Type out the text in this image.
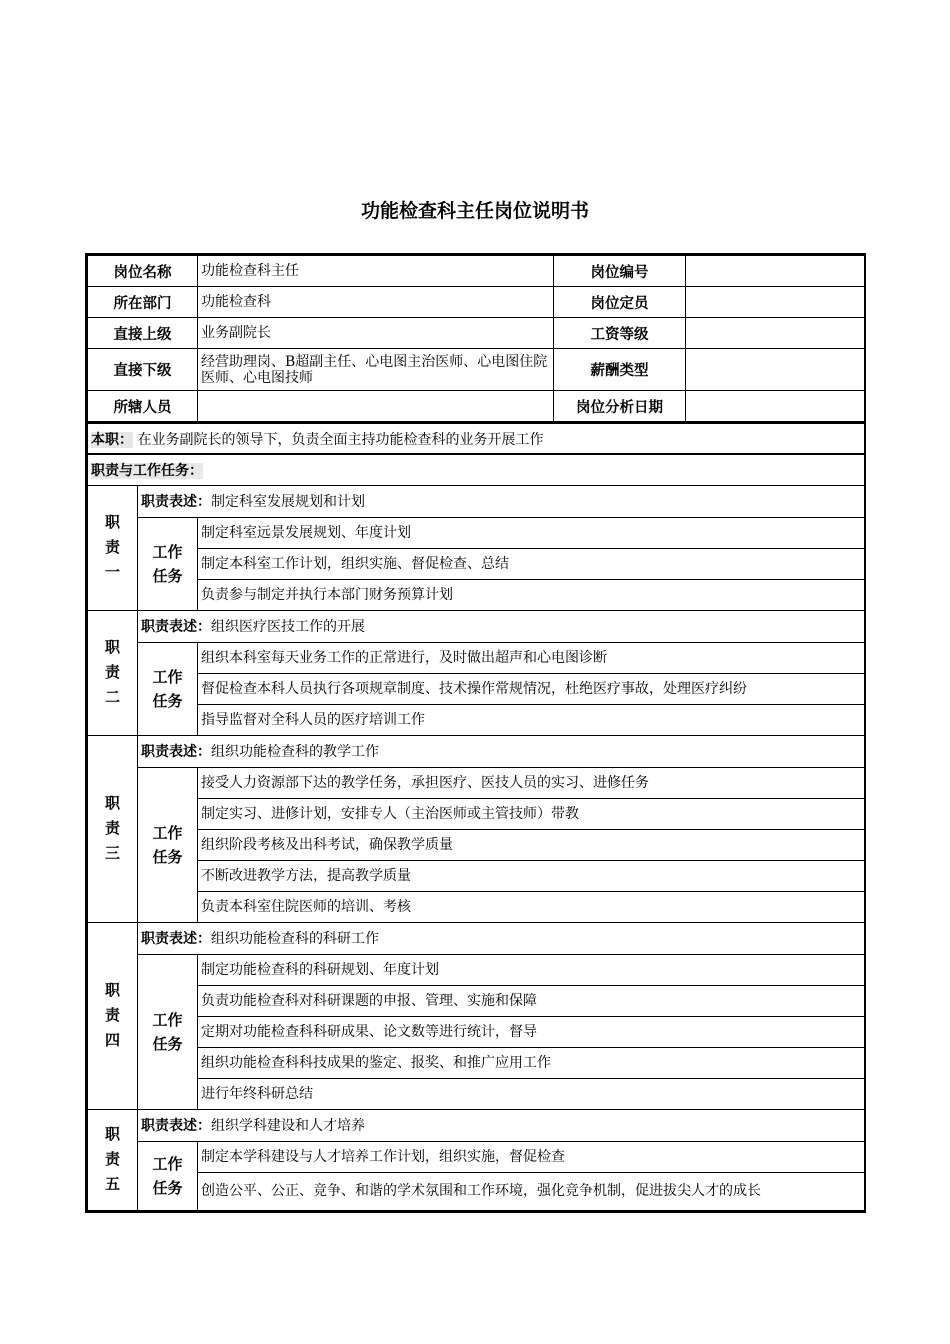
功能检查科主任岗位说明书
岗位名称	功能检查科主任	岗位编号	
所在部门	功能检查科	岗位定员	
直接上级	业务副院长	工资等级	
直接下级	经营助理岗、B超副主任、心电图主治医师、心电图住院医师、心电图技师	薪酬类型	
所辖人员		岗位分析日期	
本职： 在业务副院长的领导下，负责全面主持功能检查科的业务开展工作		
职责与工作任务：		

职
责
一	职责表述：制定科室发展规划和计划	

	工作
任务	制定科室远景发展规划、年度计划
		制定本科室工作计划，组织实施、督促检查、总结
		负责参与制定并执行本部门财务预算计划

职
责
二	职责表述：组织医疗医技工作的开展	

	工作
任务	组织本科室每天业务工作的正常进行，及时做出超声和心电图诊断
		督促检查本科人员执行各项规章制度、技术操作常规情况，杜绝医疗事故，处理医疗纠纷
		指导监督对全科人员的医疗培训工作

职
责
三	职责表述：组织功能检查科的教学工作	

	工作
任务	接受人力资源部下达的教学任务，承担医疗、医技人员的实习、进修任务
		制定实习、进修计划，安排专人（主治医师或主管技师）带教
		组织阶段考核及出科考试，确保教学质量
		不断改进教学方法，提高教学质量
		负责本科室住院医师的培训、考核

职
责
四	职责表述：组织功能检查科的科研工作	

	工作
任务	制定功能检查科的科研规划、年度计划
		负责功能检查科对科研课题的申报、管理、实施和保障
		定期对功能检查科科研成果、论文数等进行统计，督导
		组织功能检查科科技成果的鉴定、报奖、和推广应用工作
		进行年终科研总结

职
责
五	职责表述：组织学科建设和人才培养	

	工作
任务	制定本学科建设与人才培养工作计划，组织实施，督促检查
		创造公平、公正、竞争、和谐的学术氛围和工作环境，强化竞争机制，促进拔尖人才的成长
